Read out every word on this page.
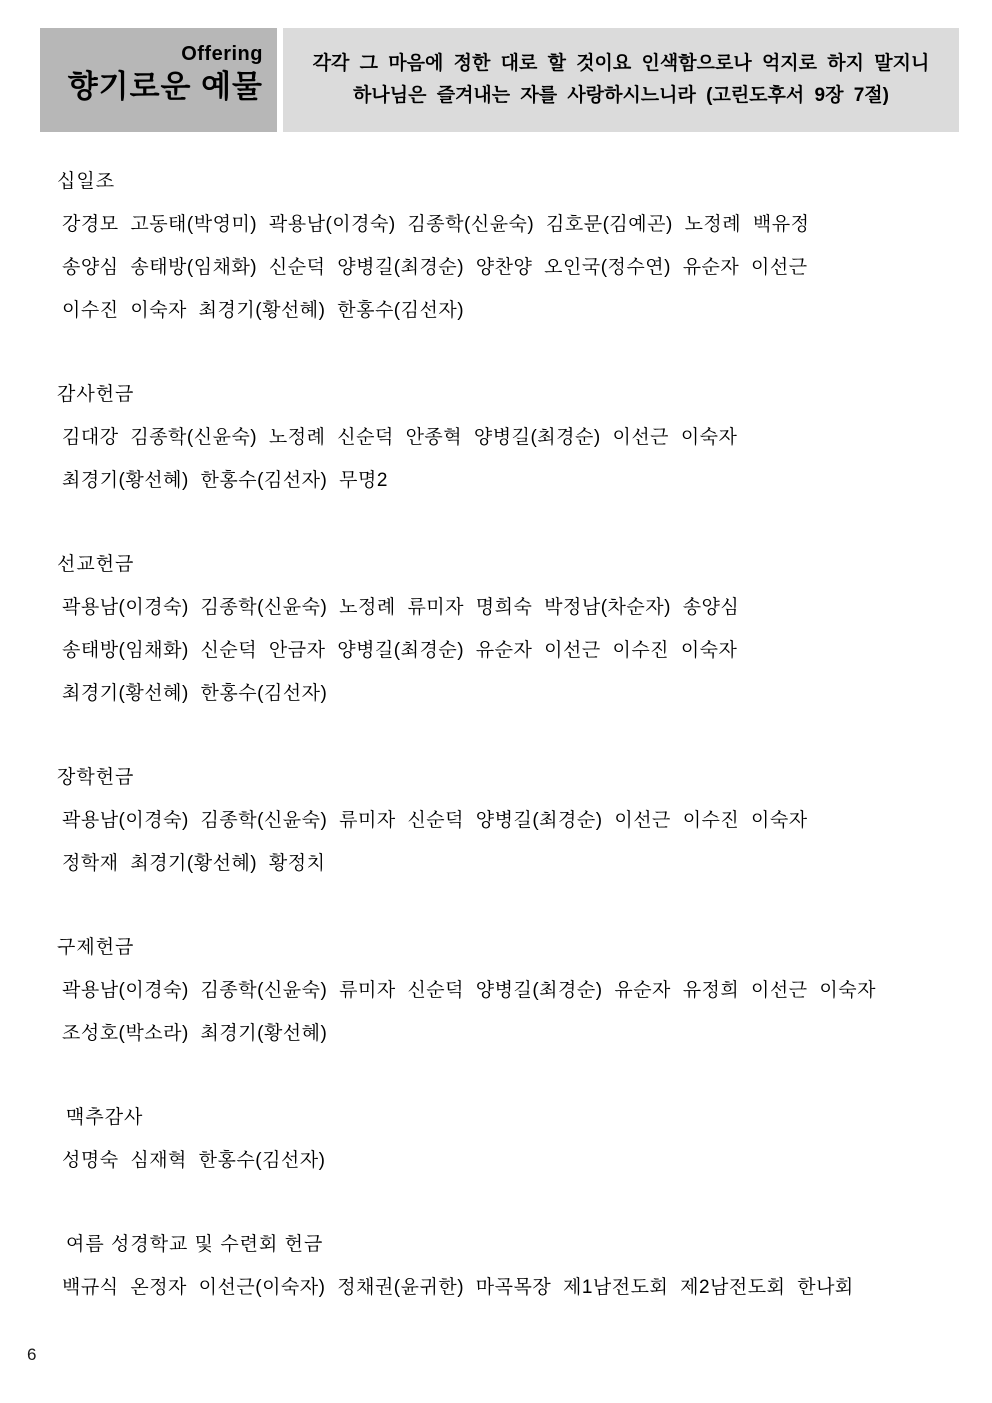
Offering
향기로운 예물
각각 그 마음에 정한 대로 할 것이요 인색함으로나 억지로 하지 말지니
하나님은 즐겨내는 자를 사랑하시느니라 (고린도후서 9장 7절)
십일조
강경모 고동태(박영미) 곽용남(이경숙) 김종학(신윤숙) 김호문(김예곤) 노정례 백유정
송양심 송태방(임채화) 신순덕 양병길(최경순) 양찬양 오인국(정수연) 유순자 이선근
이수진 이숙자 최경기(황선혜) 한홍수(김선자)
감사헌금
김대강 김종학(신윤숙) 노정례 신순덕 안종혁 양병길(최경순) 이선근 이숙자
최경기(황선혜) 한홍수(김선자) 무명2
선교헌금
곽용남(이경숙) 김종학(신윤숙) 노정례 류미자 명희숙 박정남(차순자) 송양심
송태방(임채화) 신순덕 안금자 양병길(최경순) 유순자 이선근 이수진 이숙자
최경기(황선혜) 한홍수(김선자)
장학헌금
곽용남(이경숙) 김종학(신윤숙) 류미자 신순덕 양병길(최경순) 이선근 이수진 이숙자
정학재 최경기(황선혜) 황정치
구제헌금
곽용남(이경숙) 김종학(신윤숙) 류미자 신순덕 양병길(최경순) 유순자 유정희 이선근 이숙자
조성호(박소라) 최경기(황선혜)
맥추감사
성명숙 심재혁 한홍수(김선자)
여름 성경학교 및 수련회 헌금
백규식 온정자 이선근(이숙자) 정채권(윤귀한) 마곡목장 제1남전도회 제2남전도회 한나회
6
